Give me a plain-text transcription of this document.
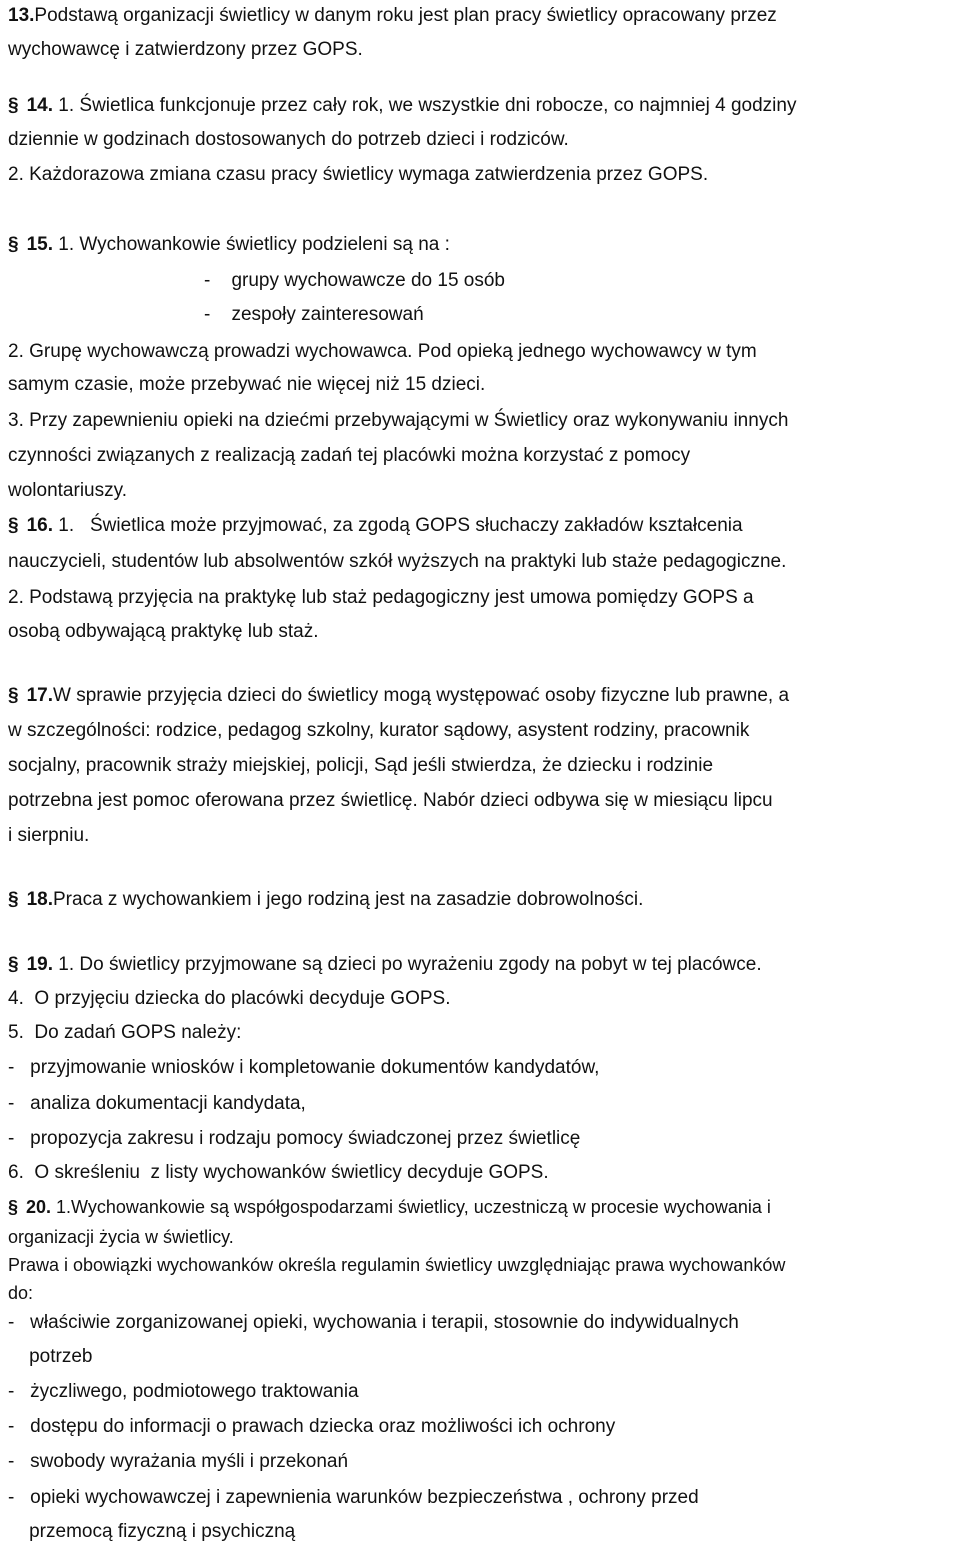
13.Podstawą organizacji świetlicy w danym roku jest plan pracy świetlicy opracowany przez

wychowawcę i zatwierdzony przez GOPS.

§ 14. 1. Świetlica funkcjonuje przez cały rok, we wszystkie dni robocze, co najmniej 4 godziny

dziennie w godzinach dostosowanych do potrzeb dzieci i rodziców.

2. Każdorazowa zmiana czasu pracy świetlicy wymaga zatwierdzenia przez GOPS.

§ 15. 1. Wychowankowie świetlicy podzieleni są na :

-    grupy wychowawcze do 15 osób

-    zespoły zainteresowań

2. Grupę wychowawczą prowadzi wychowawca. Pod opieką jednego wychowawcy w tym

samym czasie, może przebywać nie więcej niż 15 dzieci.

3. Przy zapewnieniu opieki na dziećmi przebywającymi w Świetlicy oraz wykonywaniu innych

czynności związanych z realizacją zadań tej placówki można korzystać z pomocy

wolontariuszy.

§ 16. 1.   Świetlica może przyjmować, za zgodą GOPS słuchaczy zakładów kształcenia

nauczycieli, studentów lub absolwentów szkół wyższych na praktyki lub staże pedagogiczne.

2. Podstawą przyjęcia na praktykę lub staż pedagogiczny jest umowa pomiędzy GOPS a

osobą odbywającą praktykę lub staż.

§ 17.W sprawie przyjęcia dzieci do świetlicy mogą występować osoby fizyczne lub prawne, a

w szczególności: rodzice, pedagog szkolny, kurator sądowy, asystent rodziny, pracownik

socjalny, pracownik straży miejskiej, policji, Sąd jeśli stwierdza, że dziecku i rodzinie

potrzebna jest pomoc oferowana przez świetlicę. Nabór dzieci odbywa się w miesiącu lipcu

i sierpniu.

§ 18.Praca z wychowankiem i jego rodziną jest na zasadzie dobrowolności.

§ 19. 1. Do świetlicy przyjmowane są dzieci po wyrażeniu zgody na pobyt w tej placówce.

4.  O przyjęciu dziecka do placówki decyduje GOPS.

5.  Do zadań GOPS należy:

-   przyjmowanie wniosków i kompletowanie dokumentów kandydatów,

-   analiza dokumentacji kandydata,

-   propozycja zakresu i rodzaju pomocy świadczonej przez świetlicę

6.  O skreśleniu  z listy wychowanków świetlicy decyduje GOPS.

§ 20. 1.Wychowankowie są współgospodarzami świetlicy, uczestniczą w procesie wychowania i

organizacji życia w świetlicy.

Prawa i obowiązki wychowanków określa regulamin świetlicy uwzględniając prawa wychowanków

do:

-   właściwie zorganizowanej opieki, wychowania i terapii, stosownie do indywidualnych

potrzeb

-   życzliwego, podmiotowego traktowania

-   dostępu do informacji o prawach dziecka oraz możliwości ich ochrony

-   swobody wyrażania myśli i przekonań

-   opieki wychowawczej i zapewnienia warunków bezpieczeństwa , ochrony przed

przemocą fizyczną i psychiczną
